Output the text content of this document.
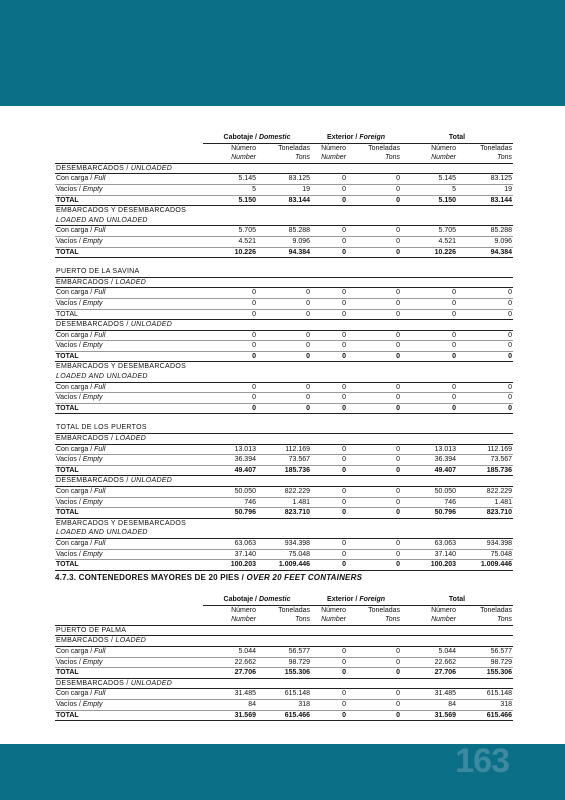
	Cabotaje / Domestic		Exterior / Foreign		Total	
	Número	Toneladas	Número	Toneladas	Número	Toneladas
	Number	Tons	Number	Tons	Number	Tons
DESEMBARCADOS / UNLOADED						
Con carga / Full	5.145	83.125	0	0	5.145	83.125
Vacíos / Empty	5	19	0	0	5	19
TOTAL	5.150	83.144	0	0	5.150	83.144
EMBARCADOS Y DESEMBARCADOS						
LOADED AND UNLOADED						
Con carga / Full	5.705	85.288	0	0	5.705	85.288
Vacíos / Empty	4.521	9.096	0	0	4.521	9.096
TOTAL	10.226	94.384	0	0	10.226	94.384

PUERTO DE LA SAVINA						
EMBARCADOS / LOADED						
Con carga / Full	0	0	0	0	0	0
Vacíos / Empty	0	0	0	0	0	0
TOTAL	0	0	0	0	0	0
DESEMBARCADOS / UNLOADED						
Con carga / Full	0	0	0	0	0	0
Vacíos / Empty	0	0	0	0	0	0
TOTAL	0	0	0	0	0	0
EMBARCADOS Y DESEMBARCADOS						
LOADED AND UNLOADED						
Con carga / Full	0	0	0	0	0	0
Vacíos / Empty	0	0	0	0	0	0
TOTAL	0	0	0	0	0	0

TOTAL DE LOS PUERTOS						
EMBARCADOS / LOADED						
Con carga / Full	13.013	112.169	0	0	13.013	112.169
Vacíos / Empty	36.394	73.567	0	0	36.394	73.567
TOTAL	49.407	185.736	0	0	49.407	185.736
DESEMBARCADOS / UNLOADED						
Con carga / Full	50.050	822.229	0	0	50.050	822.229
Vacíos / Empty	746	1.481	0	0	746	1.481
TOTAL	50.796	823.710	0	0	50.796	823.710
EMBARCADOS Y DESEMBARCADOS						
LOADED AND UNLOADED						
Con carga / Full	63.063	934.398	0	0	63.063	934.398
Vacíos / Empty	37.140	75.048	0	0	37.140	75.048
TOTAL	100.203	1.009.446	0	0	100.203	1.009.446
4.7.3. CONTENEDORES MAYORES DE 20 PIES / OVER 20 FEET CONTAINERS
	Cabotaje / Domestic		Exterior / Foreign		Total	
	Número	Toneladas	Número	Toneladas	Número	Toneladas
	Number	Tons	Number	Tons	Number	Tons
PUERTO DE PALMA						
EMBARCADOS / LOADED						
Con carga / Full	5.044	56.577	0	0	5.044	56.577
Vacíos / Empty	22.662	98.729	0	0	22.662	98.729
TOTAL	27.706	155.306	0	0	27.706	155.306
DESEMBARCADOS / UNLOADED						
Con carga / Full	31.485	615.148	0	0	31.485	615.148
Vacíos / Empty	84	318	0	0	84	318
TOTAL	31.569	615.466	0	0	31.569	615.466
163
